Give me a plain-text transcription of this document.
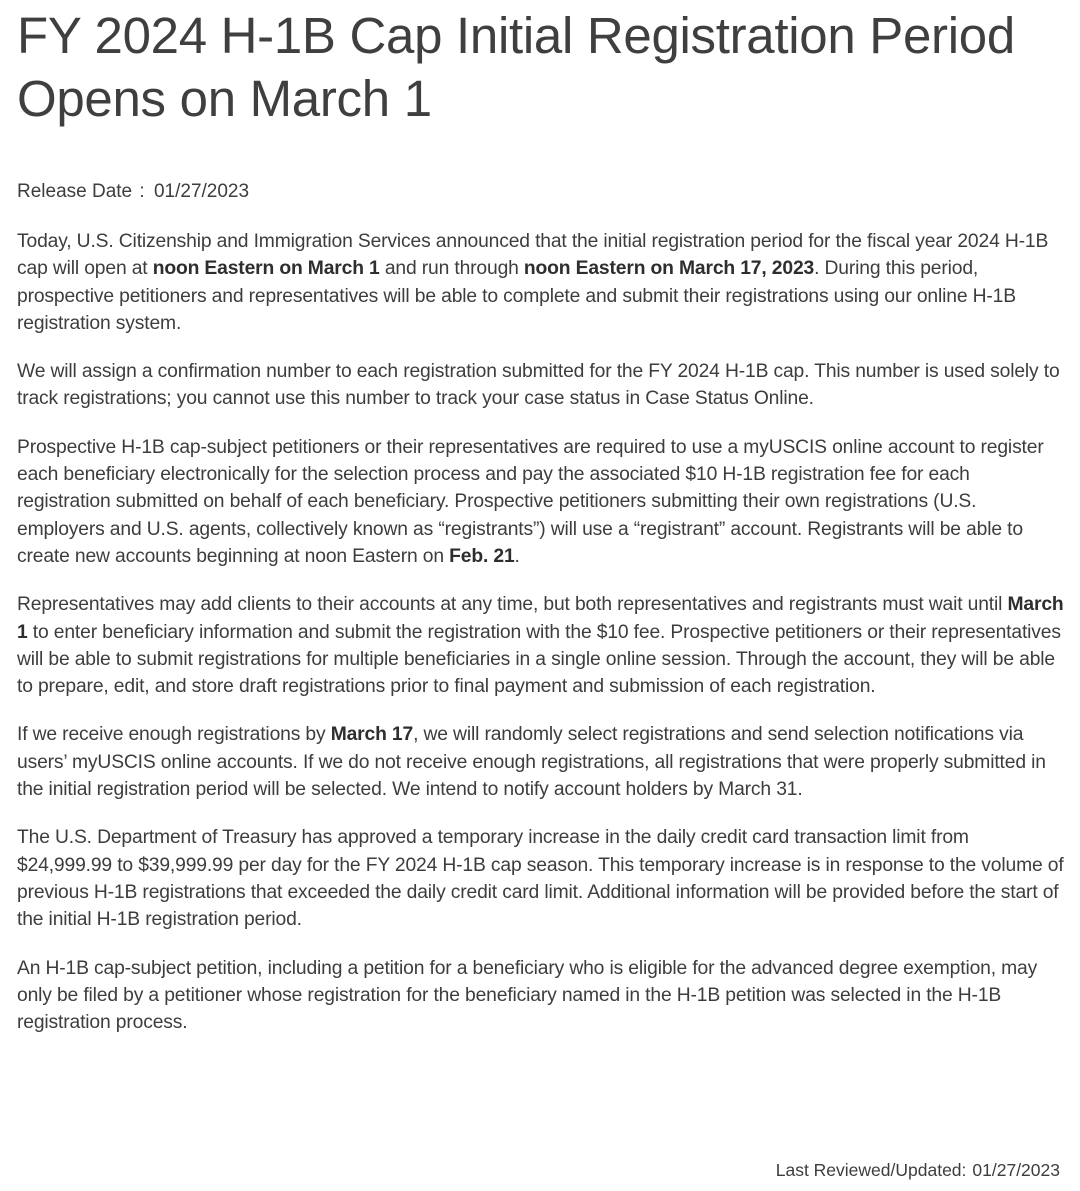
FY 2024 H-1B Cap Initial Registration Period Opens on March 1
Release Date : 01/27/2023

Today, U.S. Citizenship and Immigration Services announced that the initial registration period for the fiscal year 2024 H-1B cap will open at noon Eastern on March 1 and run through noon Eastern on March 17, 2023. During this period, prospective petitioners and representatives will be able to complete and submit their registrations using our online H-1B registration system.

We will assign a confirmation number to each registration submitted for the FY 2024 H-1B cap. This number is used solely to track registrations; you cannot use this number to track your case status in Case Status Online.

Prospective H-1B cap-subject petitioners or their representatives are required to use a myUSCIS online account to register each beneficiary electronically for the selection process and pay the associated $10 H-1B registration fee for each registration submitted on behalf of each beneficiary. Prospective petitioners submitting their own registrations (U.S. employers and U.S. agents, collectively known as “registrants”) will use a “registrant” account. Registrants will be able to create new accounts beginning at noon Eastern on Feb. 21.

Representatives may add clients to their accounts at any time, but both representatives and registrants must wait until March 1 to enter beneficiary information and submit the registration with the $10 fee. Prospective petitioners or their representatives will be able to submit registrations for multiple beneficiaries in a single online session. Through the account, they will be able to prepare, edit, and store draft registrations prior to final payment and submission of each registration.

If we receive enough registrations by March 17, we will randomly select registrations and send selection notifications via users’ myUSCIS online accounts. If we do not receive enough registrations, all registrations that were properly submitted in the initial registration period will be selected. We intend to notify account holders by March 31.

The U.S. Department of Treasury has approved a temporary increase in the daily credit card transaction limit from $24,999.99 to $39,999.99 per day for the FY 2024 H-1B cap season. This temporary increase is in response to the volume of previous H-1B registrations that exceeded the daily credit card limit. Additional information will be provided before the start of the initial H-1B registration period.

An H-1B cap-subject petition, including a petition for a beneficiary who is eligible for the advanced degree exemption, may only be filed by a petitioner whose registration for the beneficiary named in the H-1B petition was selected in the H-1B registration process.

Last Reviewed/Updated: 01/27/2023
